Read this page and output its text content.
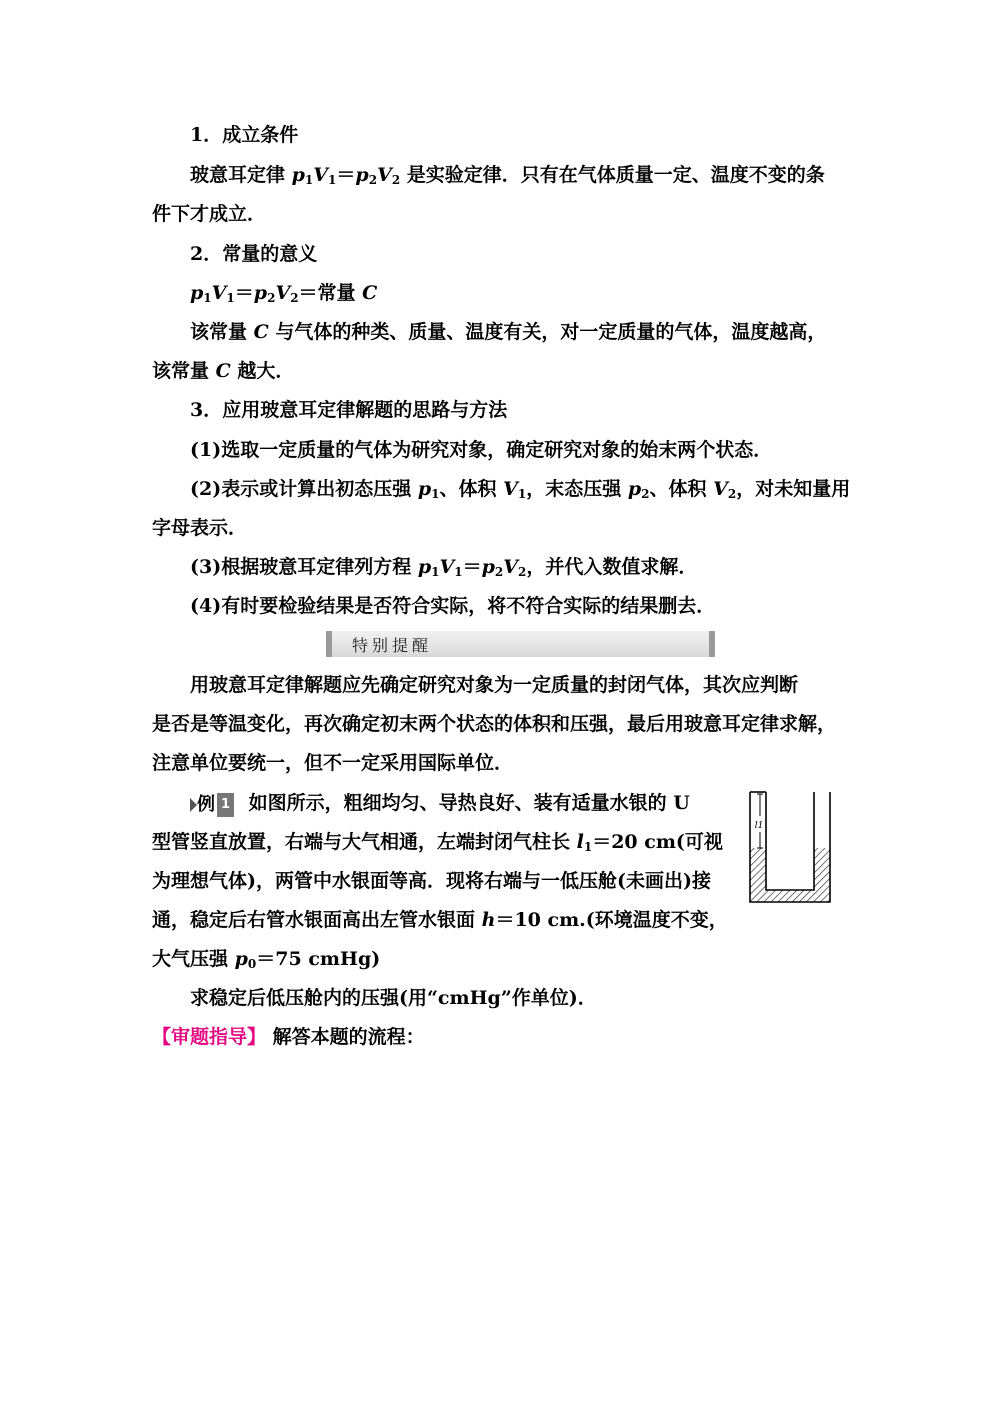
1．成立条件
玻意耳定律 $p_1V_1=p_2V_2$ 是实验定律．只有在气体质量一定、温度不变的条
件下才成立．
2．常量的意义
$p_1V_1=p_2V_2=$常量 C
该常量 C 与气体的种类、质量、温度有关，对一定质量的气体，温度越高，
该常量 C 越大．
3．应用玻意耳定律解题的思路与方法
(1)选取一定质量的气体为研究对象，确定研究对象的始末两个状态．
(2)表示或计算出初态压强 $p_1$、体积 $V_1$，末态压强 $p_2$、体积 $V_2$，对未知量用
字母表示．
(3)根据玻意耳定律列方程 $p_1V_1=p_2V_2$，并代入数值求解．
(4)有时要检验结果是否符合实际，将不符合实际的结果删去．
特别提醒
用玻意耳定律解题应先确定研究对象为一定质量的封闭气体，其次应判断
是否是等温变化，再次确定初末两个状态的体积和压强，最后用玻意耳定律求解，
注意单位要统一，但不一定采用国际单位．
例 1 如图所示，粗细均匀、导热良好、装有适量水银的 U
型管竖直放置，右端与大气相通，左端封闭气柱长 $l_1=20$ cm(可视
为理想气体)，两管中水银面等高．现将右端与一低压舱(未画出)接
通，稳定后右管水银面高出左管水银面 h＝10 cm.(环境温度不变，
大气压强 $p_0=75$ cmHg)
求稳定后低压舱内的压强(用“cmHg”作单位)．
【审题指导】 解答本题的流程：
l1
